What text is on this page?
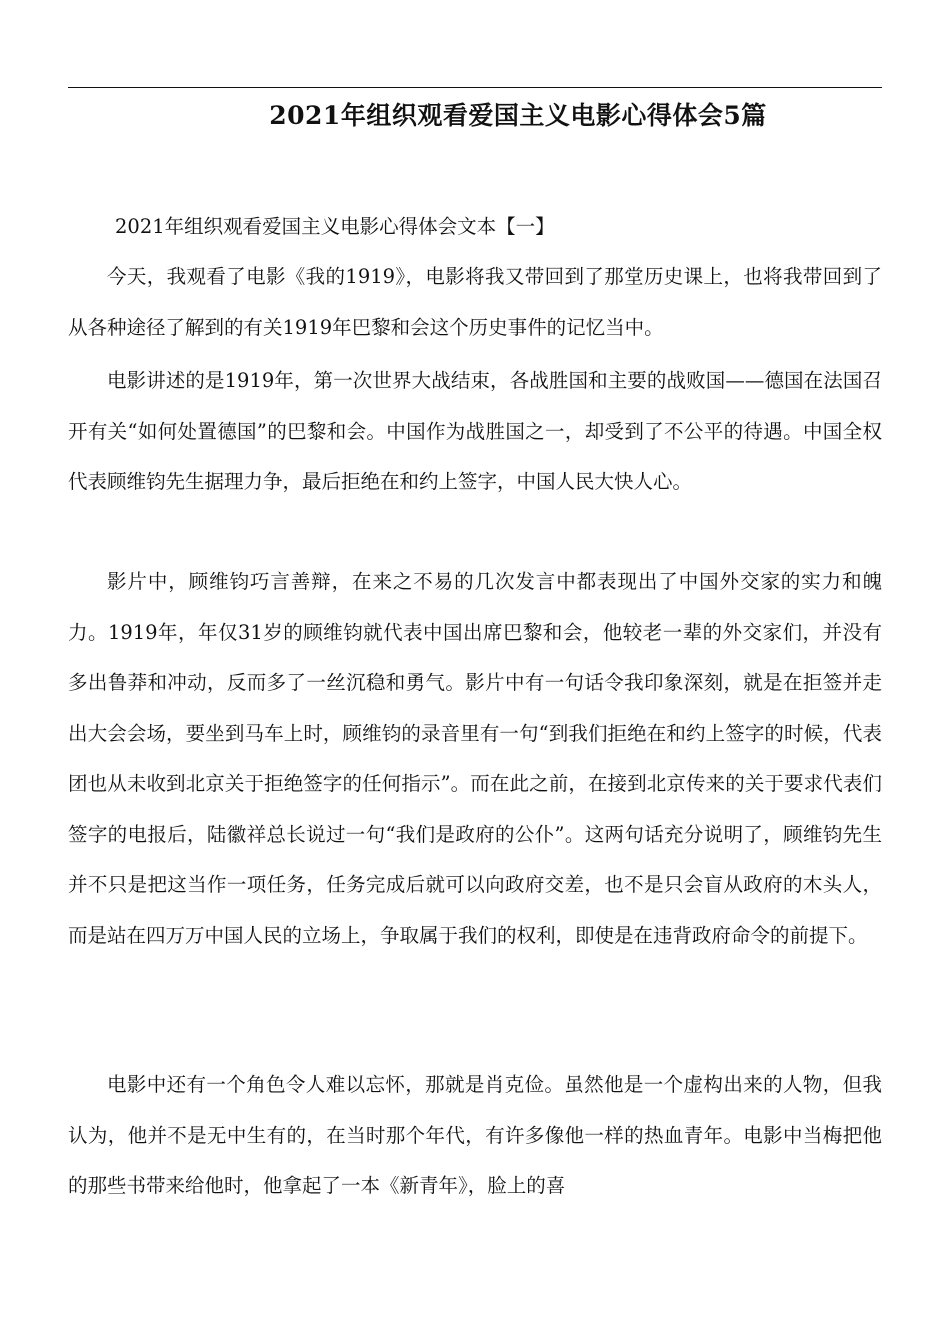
2021年组织观看爱国主义电影心得体会5篇

2021年组织观看爱国主义电影心得体会文本【一】

今天，我观看了电影《我的1919》，电影将我又带回到了那堂历史课上，也将我带回到了从各种途径了解到的有关1919年巴黎和会这个历史事件的记忆当中。

电影讲述的是1919年，第一次世界大战结束，各战胜国和主要的战败国——德国在法国召开有关“如何处置德国”的巴黎和会。中国作为战胜国之一，却受到了不公平的待遇。中国全权代表顾维钧先生据理力争，最后拒绝在和约上签字，中国人民大快人心。

影片中，顾维钧巧言善辩，在来之不易的几次发言中都表现出了中国外交家的实力和魄力。1919年，年仅31岁的顾维钧就代表中国出席巴黎和会，他较老一辈的外交家们，并没有多出鲁莽和冲动，反而多了一丝沉稳和勇气。影片中有一句话令我印象深刻，就是在拒签并走出大会会场，要坐到马车上时，顾维钧的录音里有一句“到我们拒绝在和约上签字的时候，代表团也从未收到北京关于拒绝签字的任何指示”。而在此之前，在接到北京传来的关于要求代表们签字的电报后，陆徽祥总长说过一句“我们是政府的公仆”。这两句话充分说明了，顾维钧先生并不只是把这当作一项任务，任务完成后就可以向政府交差，也不是只会盲从政府的木头人，而是站在四万万中国人民的立场上，争取属于我们的权利，即使是在违背政府命令的前提下。

电影中还有一个角色令人难以忘怀，那就是肖克俭。虽然他是一个虚构出来的人物，但我认为，他并不是无中生有的，在当时那个年代，有许多像他一样的热血青年。电影中当梅把他的那些书带来给他时，他拿起了一本《新青年》，脸上的喜
